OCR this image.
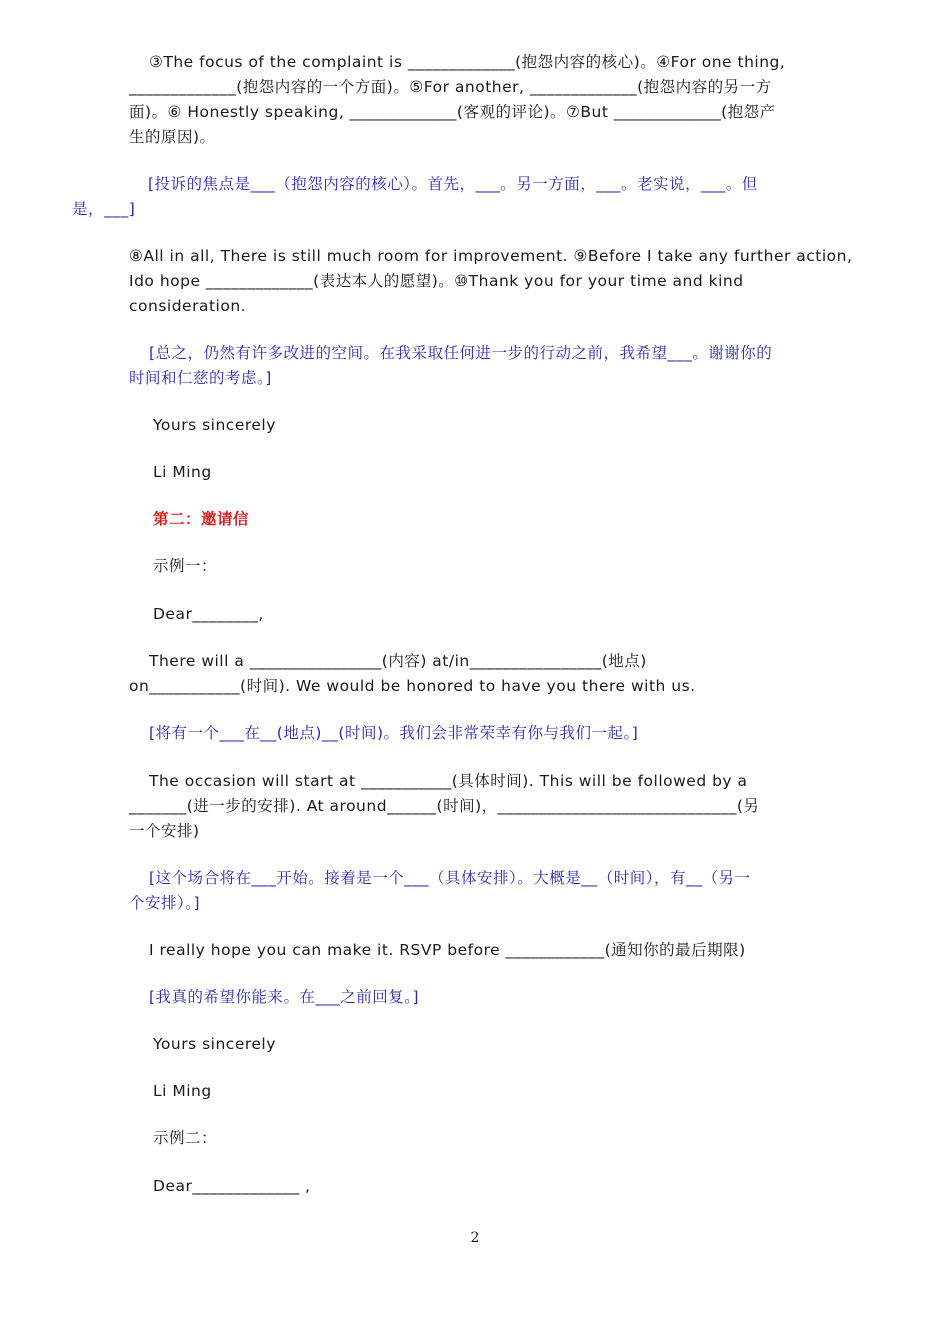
③The focus of the complaint is _____________(抱怨内容的核心)。④For one thing,
_____________(抱怨内容的一个方面)。⑤For another, _____________(抱怨内容的另一方
面)。⑥ Honestly speaking, _____________(客观的评论)。⑦But _____________(抱怨产
生的原因)。
[投诉的焦点是___（抱怨内容的核心）。首先，___。另一方面，___。老实说，___。但
是，___]
⑧All in all, There is still much room for improvement. ⑨Before I take any further action,
Ido hope _____________(表达本人的愿望)。⑩Thank you for your time and kind
consideration.
[总之，仍然有许多改进的空间。在我采取任何进一步的行动之前，我希望___。谢谢你的
时间和仁慈的考虑。]
Yours sincerely
Li Ming
第二：邀请信
示例一：
Dear________,
There will a ________________(内容) at/in________________(地点)
on___________(时间). We would be honored to have you there with us.
[将有一个___在__(地点)__(时间)。我们会非常荣幸有你与我们一起。]
The occasion will start at ___________(具体时间). This will be followed by a
_______(进一步的安排). At around______(时间)，_____________________________(另
一个安排)
[这个场合将在___开始。接着是一个___（具体安排）。大概是__（时间），有__（另一
个安排）。]
I really hope you can make it. RSVP before ____________(通知你的最后期限)
[我真的希望你能来。在___之前回复。]
Yours sincerely
Li Ming
示例二：
Dear_____________ ,
2
